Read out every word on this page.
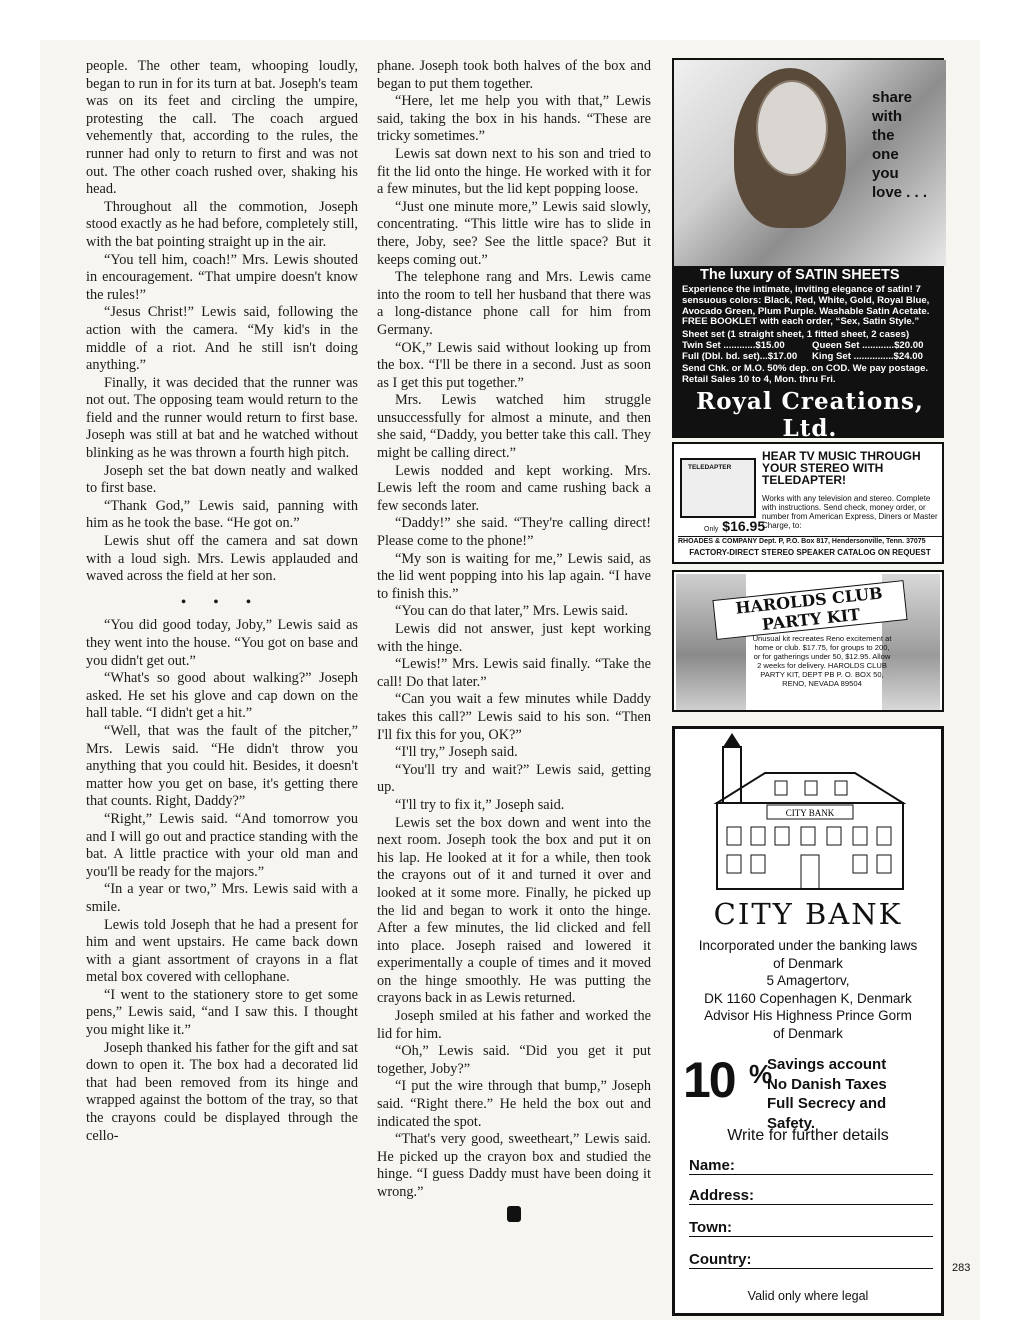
people. The other team, whooping loudly, began to run in for its turn at bat. Joseph's team was on its feet and circling the umpire, protesting the call. The coach argued vehemently that, according to the rules, the runner had only to return to first and was not out. The other coach rushed over, shaking his head.

Throughout all the commotion, Joseph stood exactly as he had before, completely still, with the bat pointing straight up in the air.

“You tell him, coach!” Mrs. Lewis shouted in encouragement. “That umpire doesn't know the rules!”

“Jesus Christ!” Lewis said, following the action with the camera. “My kid's in the middle of a riot. And he still isn't doing anything.”

Finally, it was decided that the runner was not out. The opposing team would return to the field and the runner would return to first base. Joseph was still at bat and he watched without blinking as he was thrown a fourth high pitch.

Joseph set the bat down neatly and walked to first base.

“Thank God,” Lewis said, panning with him as he took the base. “He got on.”

Lewis shut off the camera and sat down with a loud sigh. Mrs. Lewis applauded and waved across the field at her son.

• • •

“You did good today, Joby,” Lewis said as they went into the house. “You got on base and you didn't get out.”

“What's so good about walking?” Joseph asked. He set his glove and cap down on the hall table. “I didn't get a hit.”

“Well, that was the fault of the pitcher,” Mrs. Lewis said. “He didn't throw you anything that you could hit. Besides, it doesn't matter how you get on base, it's getting there that counts. Right, Daddy?”

“Right,” Lewis said. “And tomorrow you and I will go out and practice standing with the bat. A little practice with your old man and you'll be ready for the majors.”

“In a year or two,” Mrs. Lewis said with a smile.

Lewis told Joseph that he had a present for him and went upstairs. He came back down with a giant assortment of crayons in a flat metal box covered with cellophane.

“I went to the stationery store to get some pens,” Lewis said, “and I saw this. I thought you might like it.”

Joseph thanked his father for the gift and sat down to open it. The box had a decorated lid that had been removed from its hinge and wrapped against the bottom of the tray, so that the crayons could be displayed through the cello-

phane. Joseph took both halves of the box and began to put them together.

“Here, let me help you with that,” Lewis said, taking the box in his hands. “These are tricky sometimes.”

Lewis sat down next to his son and tried to fit the lid onto the hinge. He worked with it for a few minutes, but the lid kept popping loose.

“Just one minute more,” Lewis said slowly, concentrating. “This little wire has to slide in there, Joby, see? See the little space? But it keeps coming out.”

The telephone rang and Mrs. Lewis came into the room to tell her husband that there was a long-distance phone call for him from Germany.

“OK,” Lewis said without looking up from the box. “I'll be there in a second. Just as soon as I get this put together.”

Mrs. Lewis watched him struggle unsuccessfully for almost a minute, and then she said, “Daddy, you better take this call. They might be calling direct.”

Lewis nodded and kept working. Mrs. Lewis left the room and came rushing back a few seconds later.

“Daddy!” she said. “They're calling direct! Please come to the phone!”

“My son is waiting for me,” Lewis said, as the lid went popping into his lap again. “I have to finish this.”

“You can do that later,” Mrs. Lewis said.

Lewis did not answer, just kept working with the hinge.

“Lewis!” Mrs. Lewis said finally. “Take the call! Do that later.”

“Can you wait a few minutes while Daddy takes this call?” Lewis said to his son. “Then I'll fix this for you, OK?”

“I'll try,” Joseph said.

“You'll try and wait?” Lewis said, getting up.

“I'll try to fix it,” Joseph said.

Lewis set the box down and went into the next room. Joseph took the box and put it on his lap. He looked at it for a while, then took the crayons out of it and turned it over and looked at it some more. Finally, he picked up the lid and began to work it onto the hinge. After a few minutes, the lid clicked and fell into place. Joseph raised and lowered it experimentally a couple of times and it moved on the hinge smoothly. He was putting the crayons back in as Lewis returned.

Joseph smiled at his father and worked the lid for him.

“Oh,” Lewis said. “Did you get it put together, Joby?”

“I put the wire through that bump,” Joseph said. “Right there.” He held the box out and indicated the spot.

“That's very good, sweetheart,” Lewis said. He picked up the crayon box and studied the hinge. “I guess Daddy must have been doing it wrong.”

share
with
the
one
you
love . . .
The luxury of SATIN SHEETS
Experience the intimate, inviting elegance of satin! 7 sensuous colors: Black, Red, White, Gold, Royal Blue, Avocado Green, Plum Purple. Washable Satin Acetate. FREE BOOKLET with each order, “Sex, Satin Style.”
Sheet set (1 straight sheet, 1 fitted sheet, 2 cases)
Twin Set ............$15.00	Queen Set ............$20.00
Full (Dbl. bd. set)...$17.00	King Set ...............$24.00
Send Chk. or M.O. 50% dep. on COD. We pay postage. Retail Sales 10 to 4, Mon. thru Fri.
Royal Creations, Ltd.
TELEDAPTER
HEAR TV MUSIC THROUGH YOUR STEREO WITH TELEDAPTER!
Works with any television and stereo. Complete with instructions. Send check, money order, or number from American Express, Diners or Master Charge, to:
Only $16.95
RHOADES & COMPANY Dept. P, P.O. Box 817, Hendersonville, Tenn. 37075
FACTORY-DIRECT STEREO SPEAKER CATALOG ON REQUEST
HAROLDS CLUB PARTY KIT
Unusual kit recreates Reno excitement at home or club. $17.75, for groups to 200, or for gatherings under 50, $12.95. Allow 2 weeks for delivery. HAROLDS CLUB PARTY KIT, DEPT PB P. O. BOX 50, RENO, NEVADA 89504
CITY BANK
CITY BANK
Incorporated under the banking laws
of Denmark
5 Amagertorv,
DK 1160 Copenhagen K, Denmark
Advisor His Highness Prince Gorm
of Denmark
10 %
Savings account
No Danish Taxes
Full Secrecy and
Safety.
Write for further details
Name:
Address:
Town:
Country:
Valid only where legal
283
